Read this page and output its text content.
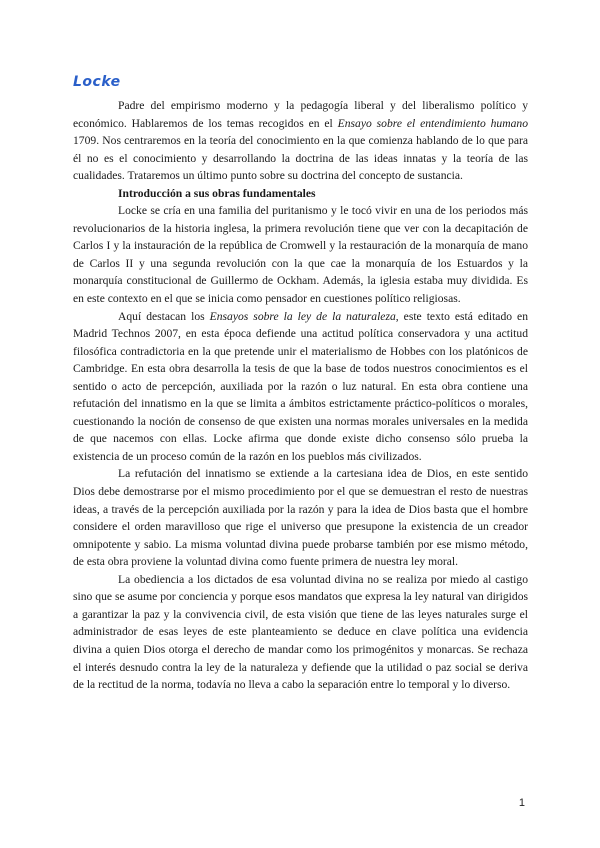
Locke

Padre del empirismo moderno y la pedagogía liberal y del liberalismo político y económico. Hablaremos de los temas recogidos en el Ensayo sobre el entendimiento humano 1709. Nos centraremos en la teoría del conocimiento en la que comienza hablando de lo que para él no es el conocimiento y desarrollando la doctrina de las ideas innatas y la teoría de las cualidades. Trataremos un último punto sobre su doctrina del concepto de sustancia.

Introducción a sus obras fundamentales

Locke se cría en una familia del puritanismo y le tocó vivir en una de los periodos más revolucionarios de la historia inglesa, la primera revolución tiene que ver con la decapitación de Carlos I y la instauración de la república de Cromwell y la restauración de la monarquía de mano de Carlos II y una segunda revolución con la que cae la monarquía de los Estuardos y la monarquía constitucional de Guillermo de Ockham. Además, la iglesia estaba muy dividida. Es en este contexto en el que se inicia como pensador en cuestiones político religiosas.

Aquí destacan los Ensayos sobre la ley de la naturaleza, este texto está editado en Madrid Technos 2007, en esta época defiende una actitud política conservadora y una actitud filosófica contradictoria en la que pretende unir el materialismo de Hobbes con los platónicos de Cambridge. En esta obra desarrolla la tesis de que la base de todos nuestros conocimientos es el sentido o acto de percepción, auxiliada por la razón o luz natural. En esta obra contiene una refutación del innatismo en la que se limita a ámbitos estrictamente práctico-políticos o morales, cuestionando la noción de consenso de que existen una normas morales universales en la medida de que nacemos con ellas. Locke afirma que donde existe dicho consenso sólo prueba la existencia de un proceso común de la razón en los pueblos más civilizados.

La refutación del innatismo se extiende a la cartesiana idea de Dios, en este sentido Dios debe demostrarse por el mismo procedimiento por el que se demuestran el resto de nuestras ideas, a través de la percepción auxiliada por la razón y para la idea de Dios basta que el hombre considere el orden maravilloso que rige el universo que presupone la existencia de un creador omnipotente y sabio. La misma voluntad divina puede probarse también por ese mismo método, de esta obra proviene la voluntad divina como fuente primera de nuestra ley moral.

La obediencia a los dictados de esa voluntad divina no se realiza por miedo al castigo sino que se asume por conciencia y porque esos mandatos que expresa la ley natural van dirigidos a garantizar la paz y la convivencia civil, de esta visión que tiene de las leyes naturales surge el administrador de esas leyes de este planteamiento se deduce en clave política una evidencia divina a quien Dios otorga el derecho de mandar como los primogénitos y monarcas. Se rechaza el interés desnudo contra la ley de la naturaleza y defiende que la utilidad o paz social se deriva de la rectitud de la norma, todavía no lleva a cabo la separación entre lo temporal y lo diverso.

1
